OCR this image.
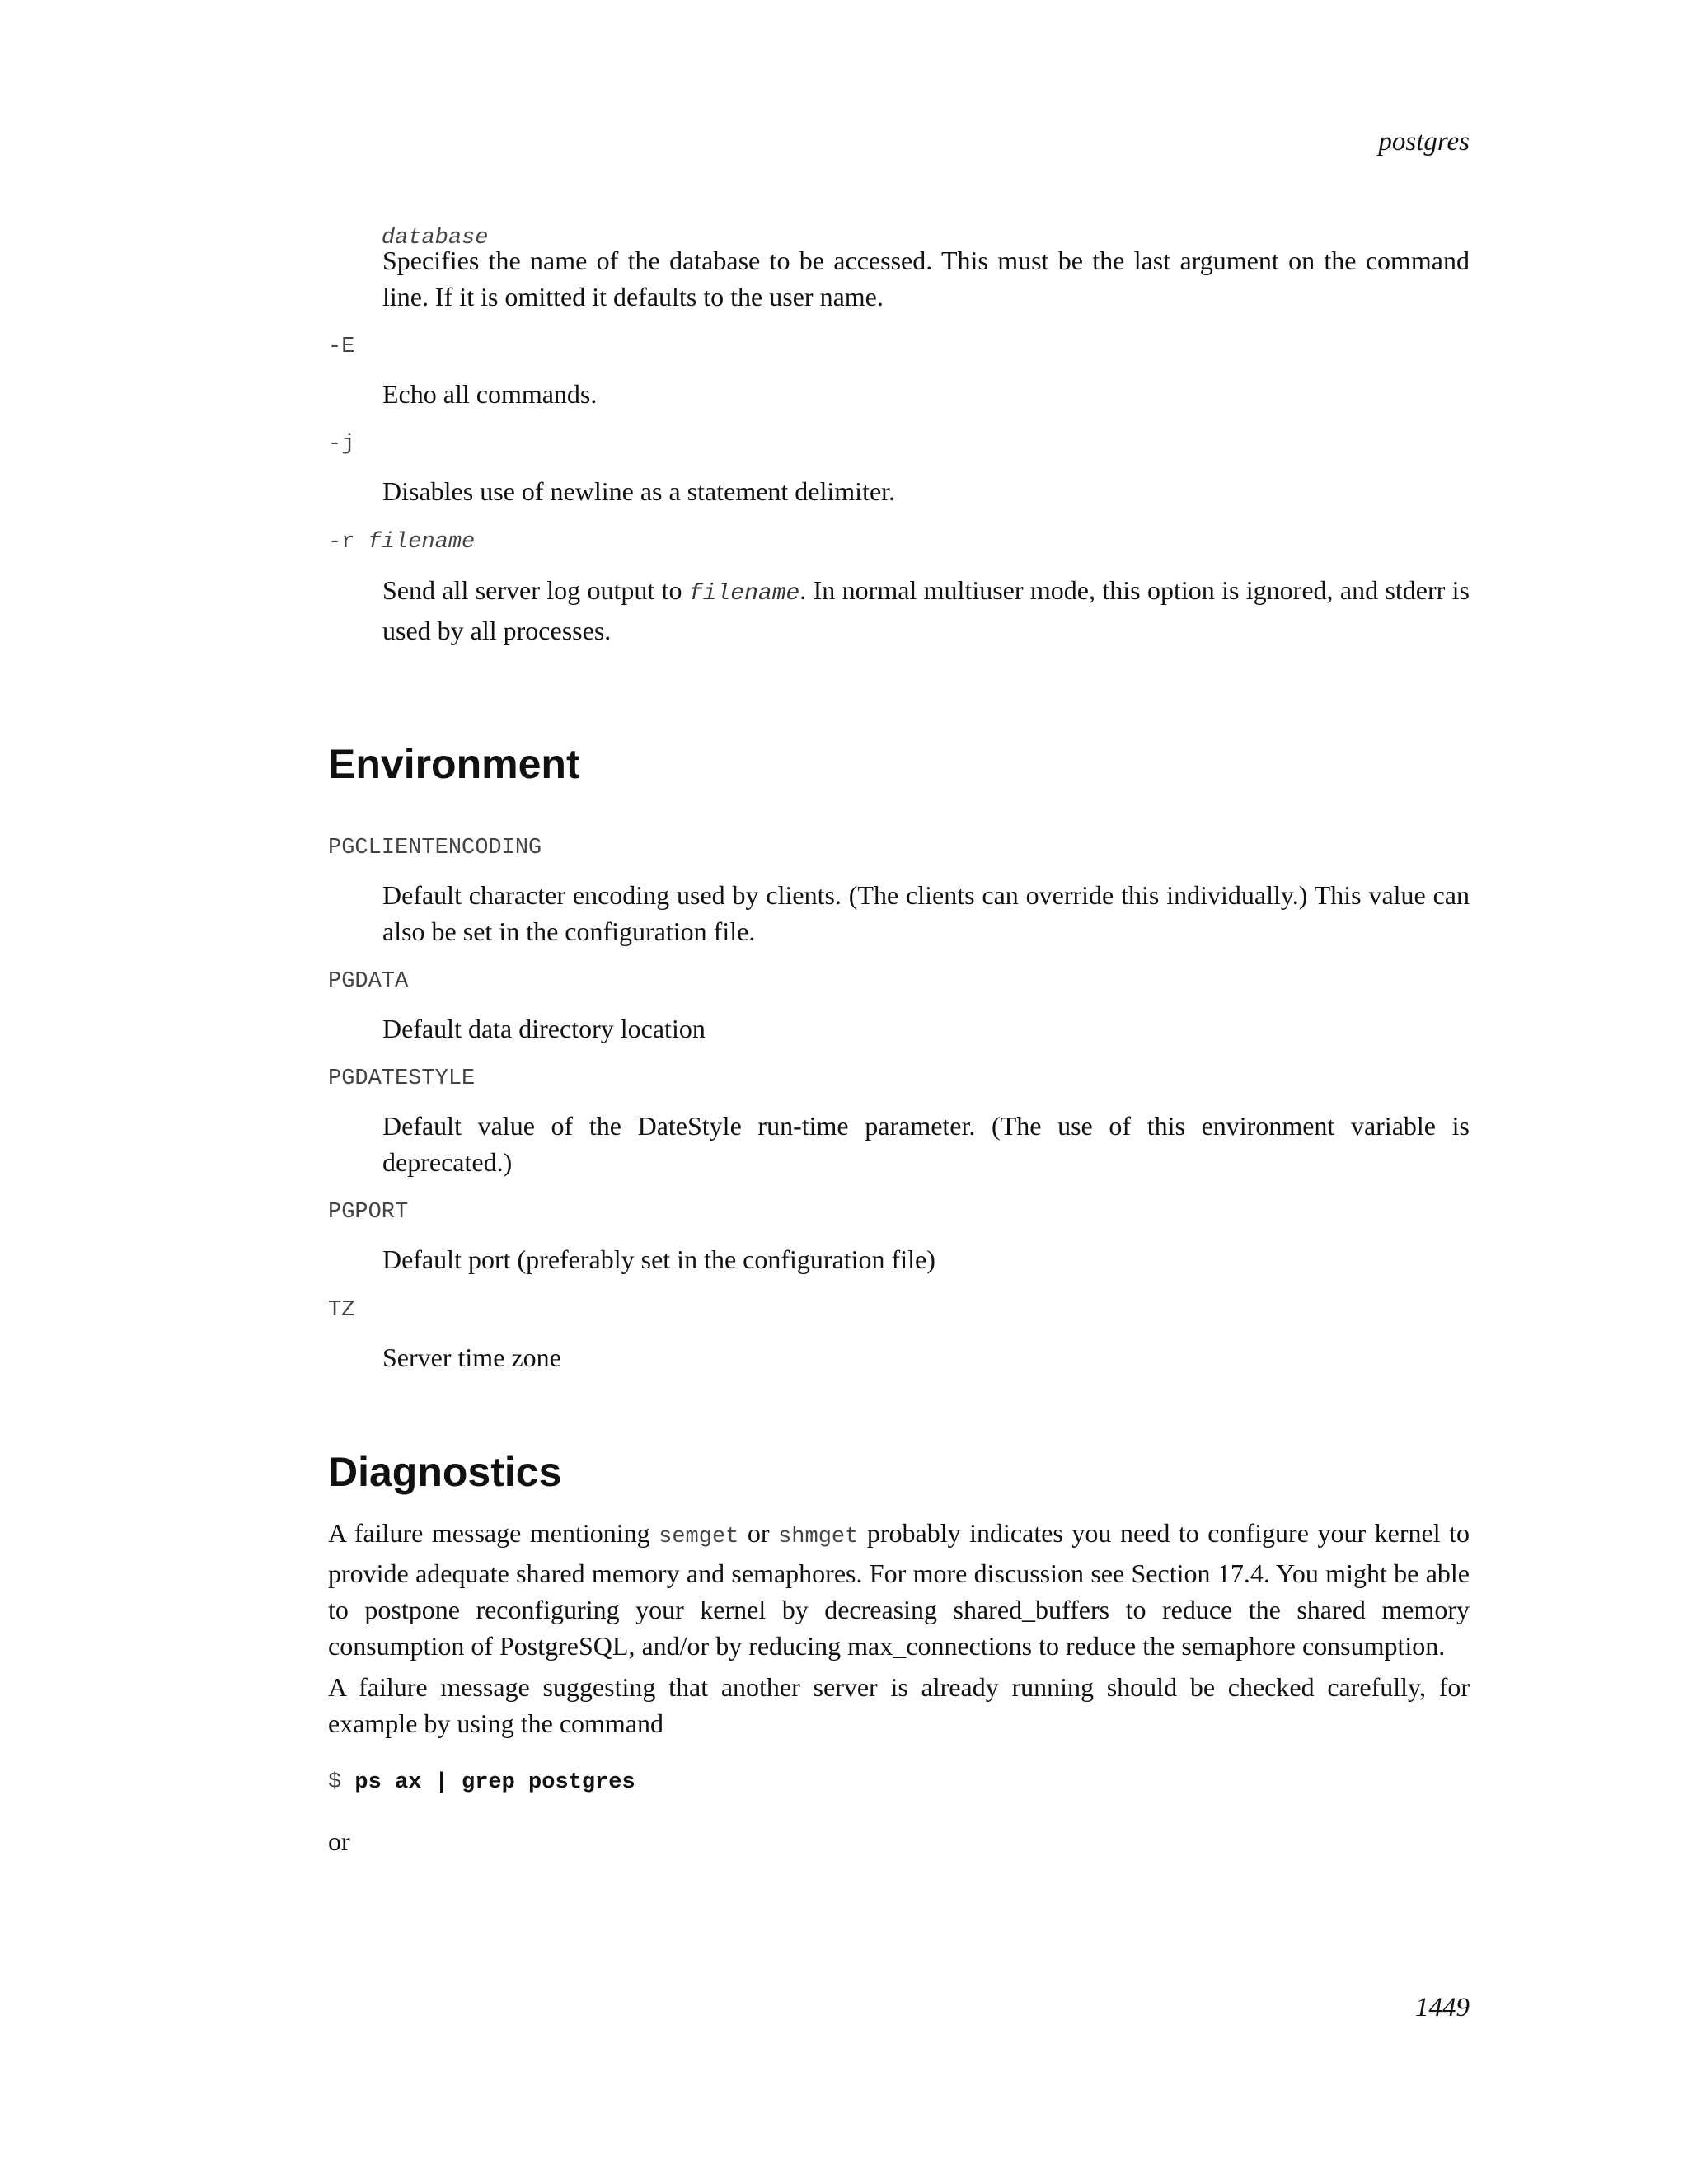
postgres

database

Specifies the name of the database to be accessed. This must be the last argument on the command line. If it is omitted it defaults to the user name.
-E
Echo all commands.
-j
Disables use of newline as a statement delimiter.
-r filename
Send all server log output to filename. In normal multiuser mode, this option is ignored, and stderr is used by all processes.
Environment
PGCLIENTENCODING
Default character encoding used by clients. (The clients can override this individually.) This value can also be set in the configuration file.
PGDATA
Default data directory location
PGDATESTYLE
Default value of the DateStyle run-time parameter. (The use of this environment variable is deprecated.)
PGPORT
Default port (preferably set in the configuration file)
TZ
Server time zone
Diagnostics
A failure message mentioning semget or shmget probably indicates you need to configure your kernel to provide adequate shared memory and semaphores. For more discussion see Section 17.4. You might be able to postpone reconfiguring your kernel by decreasing shared_buffers to reduce the shared memory consumption of PostgreSQL, and/or by reducing max_connections to reduce the semaphore consumption.
A failure message suggesting that another server is already running should be checked carefully, for example by using the command
$ ps ax | grep postgres
or
1449
